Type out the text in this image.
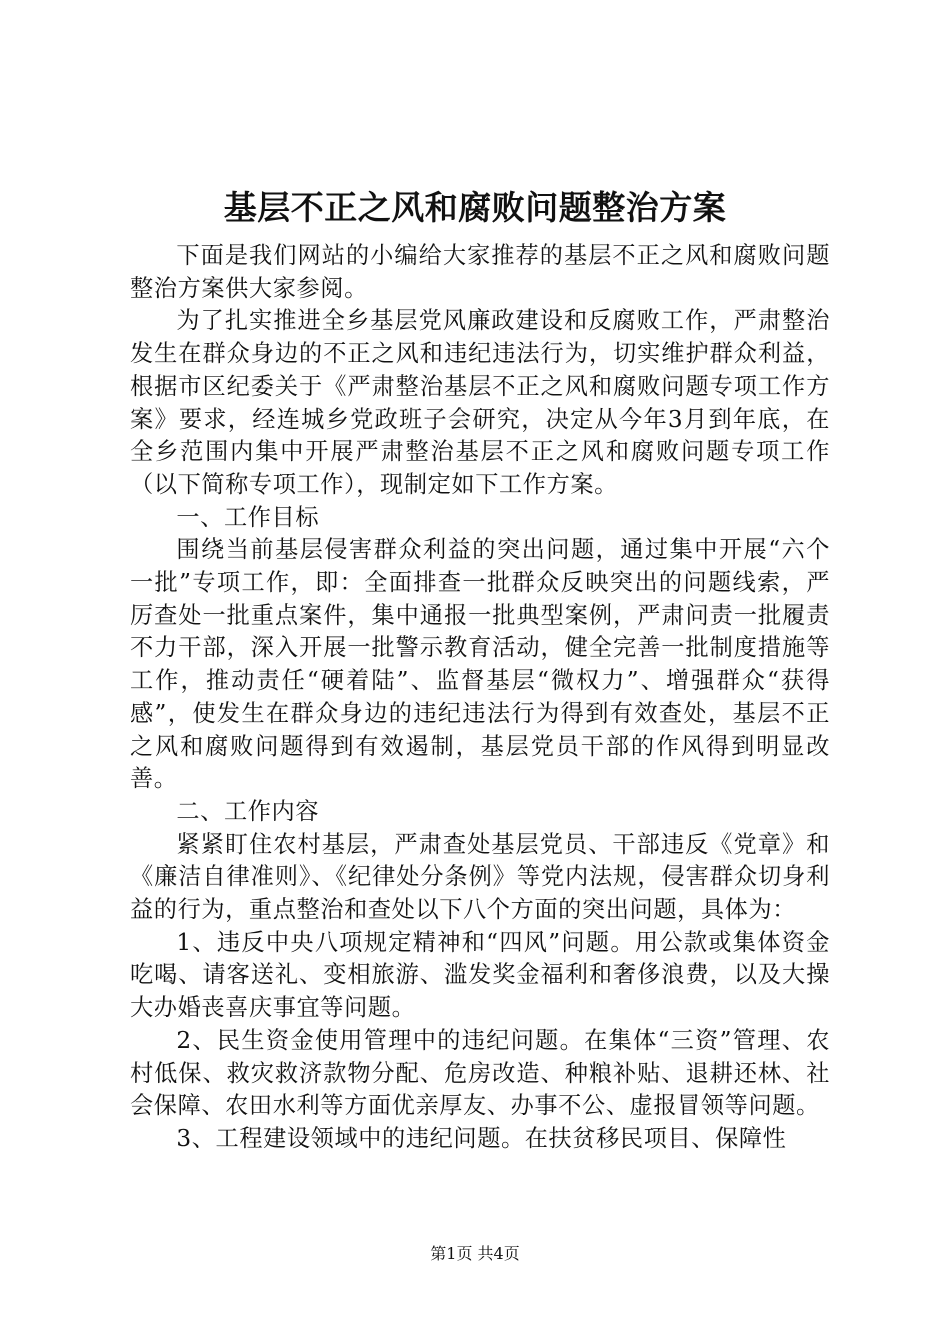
基层不正之风和腐败问题整治方案

下面是我们网站的小编给大家推荐的基层不正之风和腐败问题整治方案供大家参阅。

为了扎实推进全乡基层党风廉政建设和反腐败工作，严肃整治发生在群众身边的不正之风和违纪违法行为，切实维护群众利益，根据市区纪委关于《严肃整治基层不正之风和腐败问题专项工作方案》要求，经连城乡党政班子会研究，决定从今年3月到年底，在全乡范围内集中开展严肃整治基层不正之风和腐败问题专项工作（以下简称专项工作），现制定如下工作方案。

一、工作目标

围绕当前基层侵害群众利益的突出问题，通过集中开展“六个一批”专项工作，即：全面排查一批群众反映突出的问题线索，严厉查处一批重点案件，集中通报一批典型案例，严肃问责一批履责不力干部，深入开展一批警示教育活动，健全完善一批制度措施等工作，推动责任“硬着陆”、监督基层“微权力”、增强群众“获得感”，使发生在群众身边的违纪违法行为得到有效查处，基层不正之风和腐败问题得到有效遏制，基层党员干部的作风得到明显改善。

二、工作内容

紧紧盯住农村基层，严肃查处基层党员、干部违反《党章》和《廉洁自律准则》、《纪律处分条例》等党内法规，侵害群众切身利益的行为，重点整治和查处以下八个方面的突出问题，具体为：

1、违反中央八项规定精神和“四风”问题。用公款或集体资金吃喝、请客送礼、变相旅游、滥发奖金福利和奢侈浪费，以及大操大办婚丧喜庆事宜等问题。

2、民生资金使用管理中的违纪问题。在集体“三资”管理、农村低保、救灾救济款物分配、危房改造、种粮补贴、退耕还林、社会保障、农田水利等方面优亲厚友、办事不公、虚报冒领等问题。

3、工程建设领域中的违纪问题。在扶贫移民项目、保障性

第1页 共4页
